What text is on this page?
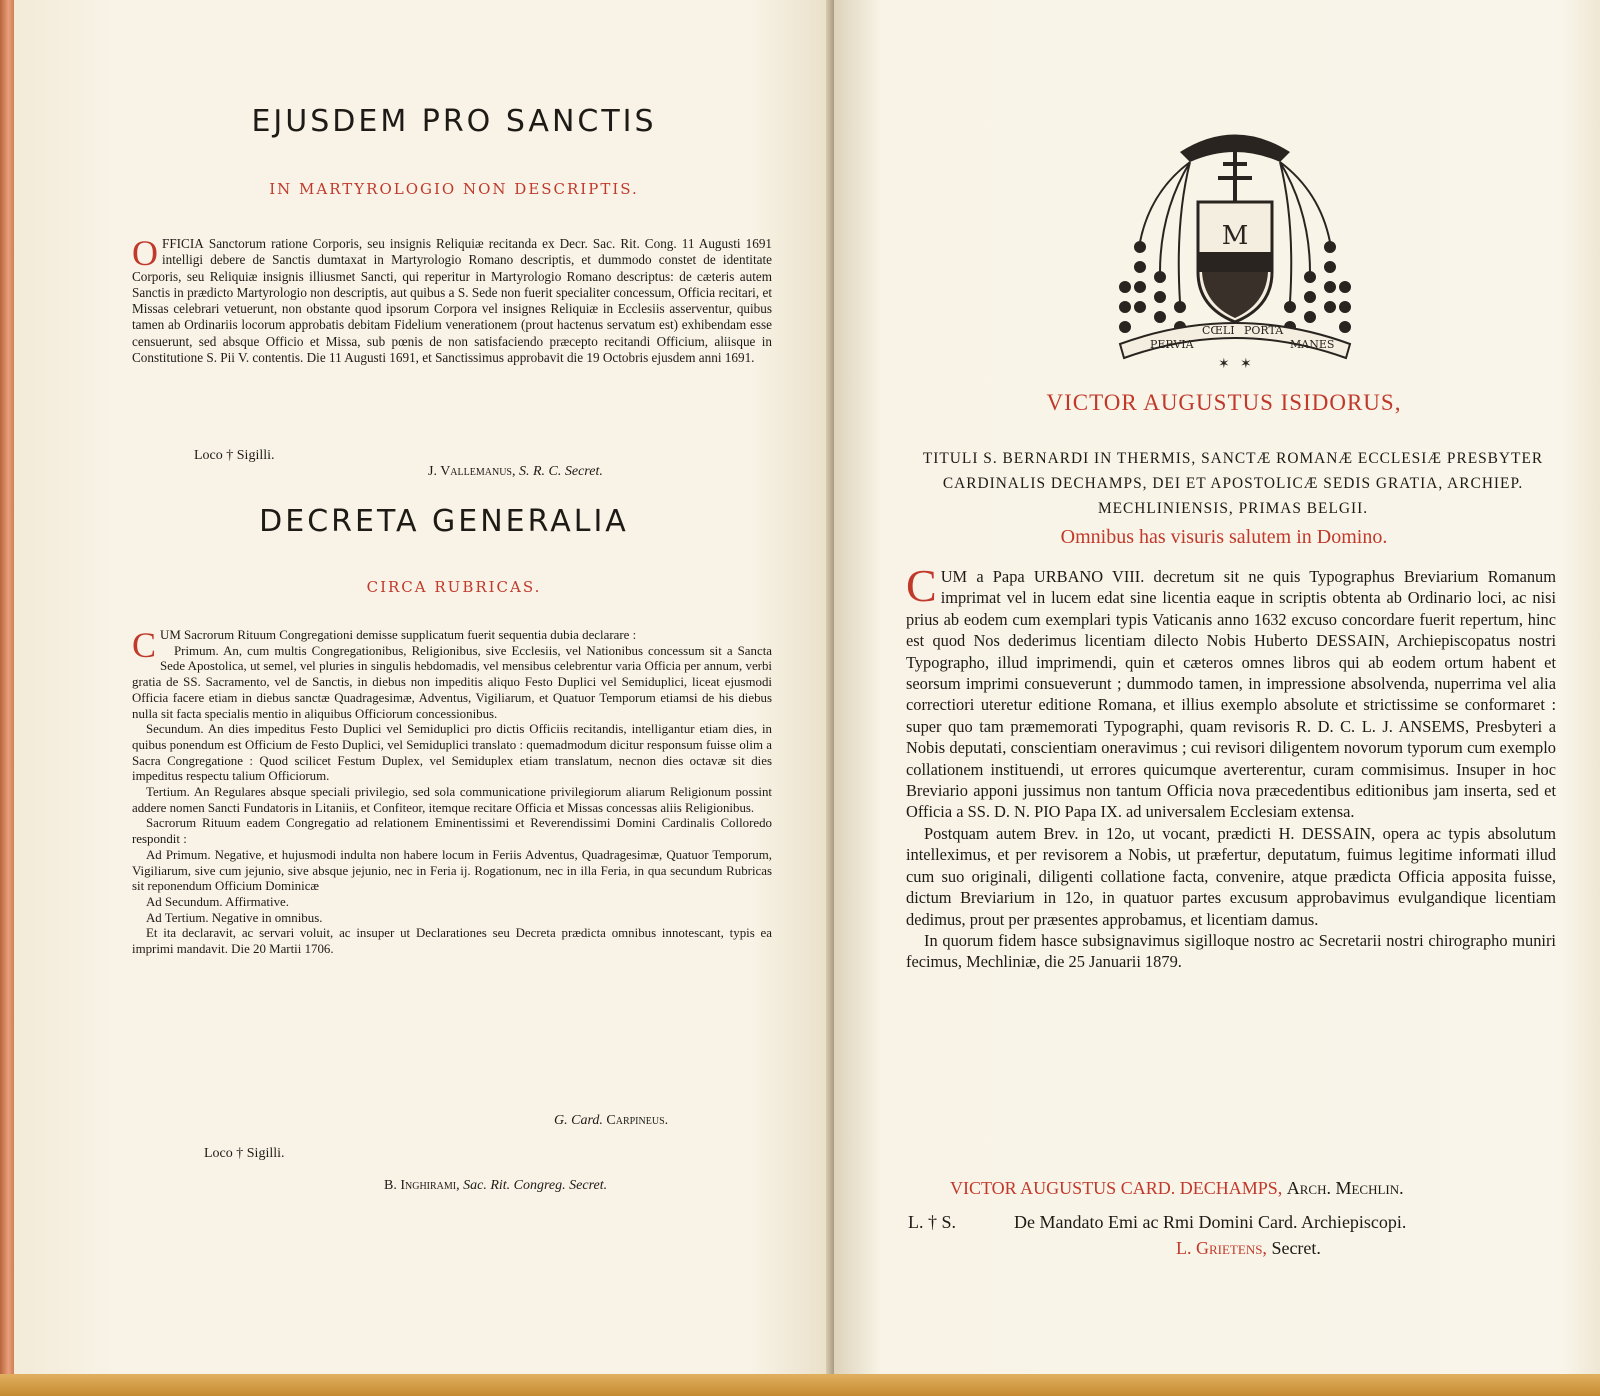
EJUSDEM PRO SANCTIS
IN MARTYROLOGIO NON DESCRIPTIS.
OFFICIA Sanctorum ratione Corporis, seu insignis Reliquiæ recitanda ex Decr. Sac. Rit. Cong. 11 Augusti 1691 intelligi debere de Sanctis dumtaxat in Martyrologio Romano descriptis, et dummodo constet de identitate Corporis, seu Reliquiæ insignis illiusmet Sancti, qui reperitur in Martyrologio Romano descriptus: de cæteris autem Sanctis in prædicto Martyrologio non descriptis, aut quibus a S. Sede non fuerit specialiter concessum, Officia recitari, et Missas celebrari vetuerunt, non obstante quod ipsorum Corpora vel insignes Reliquiæ in Ecclesiis asserventur, quibus tamen ab Ordinariis locorum approbatis debitam Fidelium venerationem (prout hactenus servatum est) exhibendam esse censuerunt, sed absque Officio et Missa, sub pœnis de non satisfaciendo præcepto recitandi Officium, aliisque in Constitutione S. Pii V. contentis. Die 11 Augusti 1691, et Sanctissimus approbavit die 19 Octobris ejusdem anni 1691.
Loco † Sigilli.
J. Vallemanus, S. R. C. Secret.
DECRETA GENERALIA
CIRCA RUBRICAS.
CUM Sacrorum Rituum Congregationi demisse supplicatum fuerit sequentia dubia declarare :

Primum. An, cum multis Congregationibus, Religionibus, sive Ecclesiis, vel Nationibus concessum sit a Sancta Sede Apostolica, ut semel, vel pluries in singulis hebdomadis, vel mensibus celebrentur varia Officia per annum, verbi gratia de SS. Sacramento, vel de Sanctis, in diebus non impeditis aliquo Festo Duplici vel Semiduplici, liceat ejusmodi Officia facere etiam in diebus sanctæ Quadragesimæ, Adventus, Vigiliarum, et Quatuor Temporum etiamsi de his diebus nulla sit facta specialis mentio in aliquibus Officiorum concessionibus.

Secundum. An dies impeditus Festo Duplici vel Semiduplici pro dictis Officiis recitandis, intelligantur etiam dies, in quibus ponendum est Officium de Festo Duplici, vel Semiduplici translato : quemadmodum dicitur responsum fuisse olim a Sacra Congregatione : Quod scilicet Festum Duplex, vel Semiduplex etiam translatum, necnon dies octavæ sit dies impeditus respectu talium Officiorum.

Tertium. An Regulares absque speciali privilegio, sed sola communicatione privilegiorum aliarum Religionum possint addere nomen Sancti Fundatoris in Litaniis, et Confiteor, itemque recitare Officia et Missas concessas aliis Religionibus.

Sacrorum Rituum eadem Congregatio ad relationem Eminentissimi et Reverendissimi Domini Cardinalis Colloredo respondit :

Ad Primum. Negative, et hujusmodi indulta non habere locum in Feriis Adventus, Quadragesimæ, Quatuor Temporum, Vigiliarum, sive cum jejunio, sive absque jejunio, nec in Feria ij. Rogationum, nec in illa Feria, in qua secundum Rubricas sit reponendum Officium Dominicæ

Ad Secundum. Affirmative.

Ad Tertium. Negative in omnibus.

Et ita declaravit, ac servari voluit, ac insuper ut Declarationes seu Decreta prædicta omnibus innotescant, typis ea imprimi mandavit. Die 20 Martii 1706.

G. Card. Carpineus.
Loco † Sigilli.
B. Inghirami, Sac. Rit. Congreg. Secret.
M
PERVIA
CŒLI PORTA
MANES
✶ ✶
VICTOR AUGUSTUS ISIDORUS,
TITULI S. BERNARDI IN THERMIS, SANCTÆ ROMANÆ ECCLESIÆ PRESBYTER CARDINALIS DECHAMPS, DEI ET APOSTOLICÆ SEDIS GRATIA, ARCHIEP. MECHLINIENSIS, PRIMAS BELGII.
Omnibus has visuris salutem in Domino.
CUM a Papa URBANO VIII. decretum sit ne quis Typographus Breviarium Romanum imprimat vel in lucem edat sine licentia eaque in scriptis obtenta ab Ordinario loci, ac nisi prius ab eodem cum exemplari typis Vaticanis anno 1632 excuso concordare fuerit repertum, hinc est quod Nos dederimus licentiam dilecto Nobis Huberto DESSAIN, Archiepiscopatus nostri Typographo, illud imprimendi, quin et cæteros omnes libros qui ab eodem ortum habent et seorsum imprimi consueverunt ; dummodo tamen, in impressione absolvenda, nuperrima vel alia correctiori uteretur editione Romana, et illius exemplo absolute et strictissime se conformaret : super quo tam præmemorati Typographi, quam revisoris R. D. C. L. J. ANSEMS, Presbyteri a Nobis deputati, conscientiam oneravimus ; cui revisori diligentem novorum typorum cum exemplo collationem instituendi, ut errores quicumque averterentur, curam commisimus. Insuper in hoc Breviario apponi jussimus non tantum Officia nova præcedentibus editionibus jam inserta, sed et Officia a SS. D. N. PIO Papa IX. ad universalem Ecclesiam extensa.

Postquam autem Brev. in 12o, ut vocant, prædicti H. DESSAIN, opera ac typis absolutum intelleximus, et per revisorem a Nobis, ut præfertur, deputatum, fuimus legitime informati illud cum suo originali, diligenti collatione facta, convenire, atque prædicta Officia apposita fuisse, dictum Breviarium in 12o, in quatuor partes excusum approbavimus evulgandique licentiam dedimus, prout per præsentes approbamus, et licentiam damus.

In quorum fidem hasce subsignavimus sigilloque nostro ac Secretarii nostri chirographo muniri fecimus, Mechliniæ, die 25 Januarii 1879.

VICTOR AUGUSTUS CARD. DECHAMPS, Arch. Mechlin.
L. † S.	De Mandato Emi ac Rmi Domini Card. Archiepiscopi.
L. Grietens, Secret.
